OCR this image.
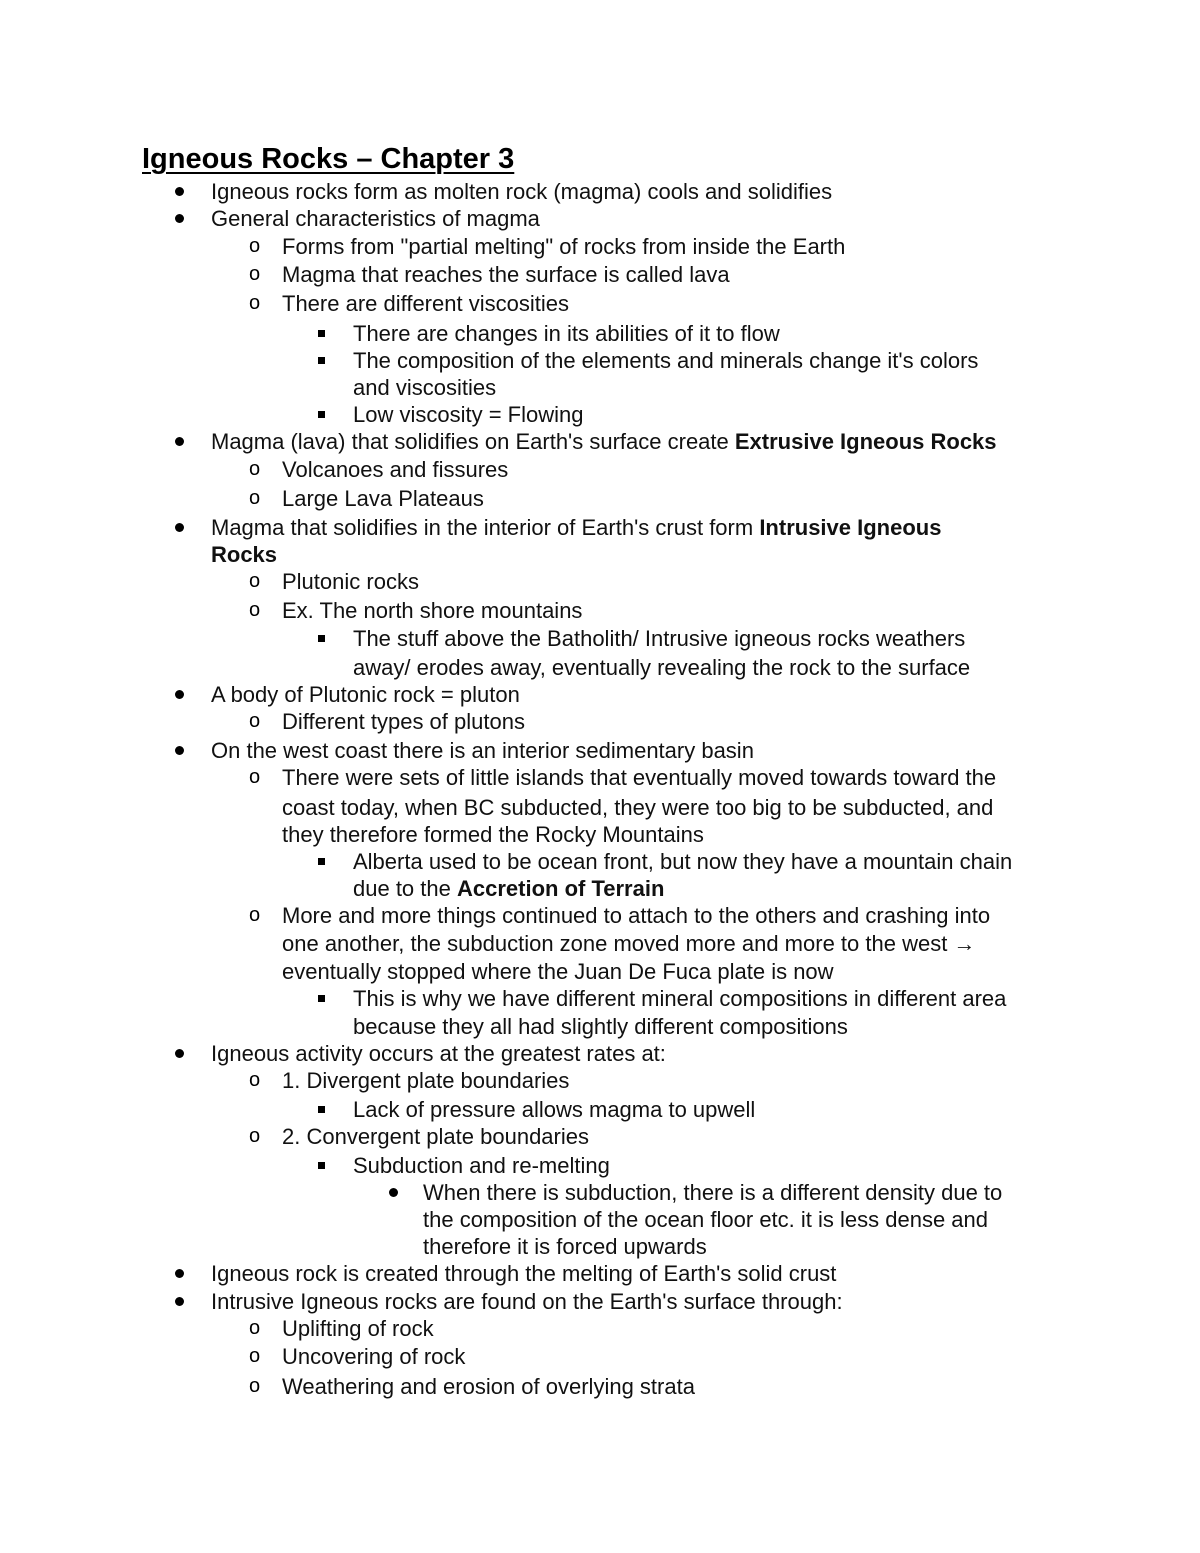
Igneous Rocks – Chapter 3
Igneous rocks form as molten rock (magma) cools and solidifies
General characteristics of magma
o Forms from "partial melting" of rocks from inside the Earth
o Magma that reaches the surface is called lava
o There are different viscosities
There are changes in its abilities of it to flow
The composition of the elements and minerals change it's colors
and viscosities
Low viscosity = Flowing
Magma (lava) that solidifies on Earth's surface create Extrusive Igneous Rocks
o Volcanoes and fissures
o Large Lava Plateaus
Magma that solidifies in the interior of Earth's crust form Intrusive Igneous
Rocks
o Plutonic rocks
o Ex. The north shore mountains
The stuff above the Batholith/ Intrusive igneous rocks weathers
away/ erodes away, eventually revealing the rock to the surface
A body of Plutonic rock = pluton
o Different types of plutons
On the west coast there is an interior sedimentary basin
o There were sets of little islands that eventually moved towards toward the
coast today, when BC subducted, they were too big to be subducted, and
they therefore formed the Rocky Mountains
Alberta used to be ocean front, but now they have a mountain chain
due to the Accretion of Terrain
o More and more things continued to attach to the others and crashing into
one another, the subduction zone moved more and more to the west →
eventually stopped where the Juan De Fuca plate is now
This is why we have different mineral compositions in different area
because they all had slightly different compositions
Igneous activity occurs at the greatest rates at:
o 1. Divergent plate boundaries
Lack of pressure allows magma to upwell
o 2. Convergent plate boundaries
Subduction and re-melting
When there is subduction, there is a different density due to
the composition of the ocean floor etc. it is less dense and
therefore it is forced upwards
Igneous rock is created through the melting of Earth's solid crust
Intrusive Igneous rocks are found on the Earth's surface through:
o Uplifting of rock
o Uncovering of rock
o Weathering and erosion of overlying strata
